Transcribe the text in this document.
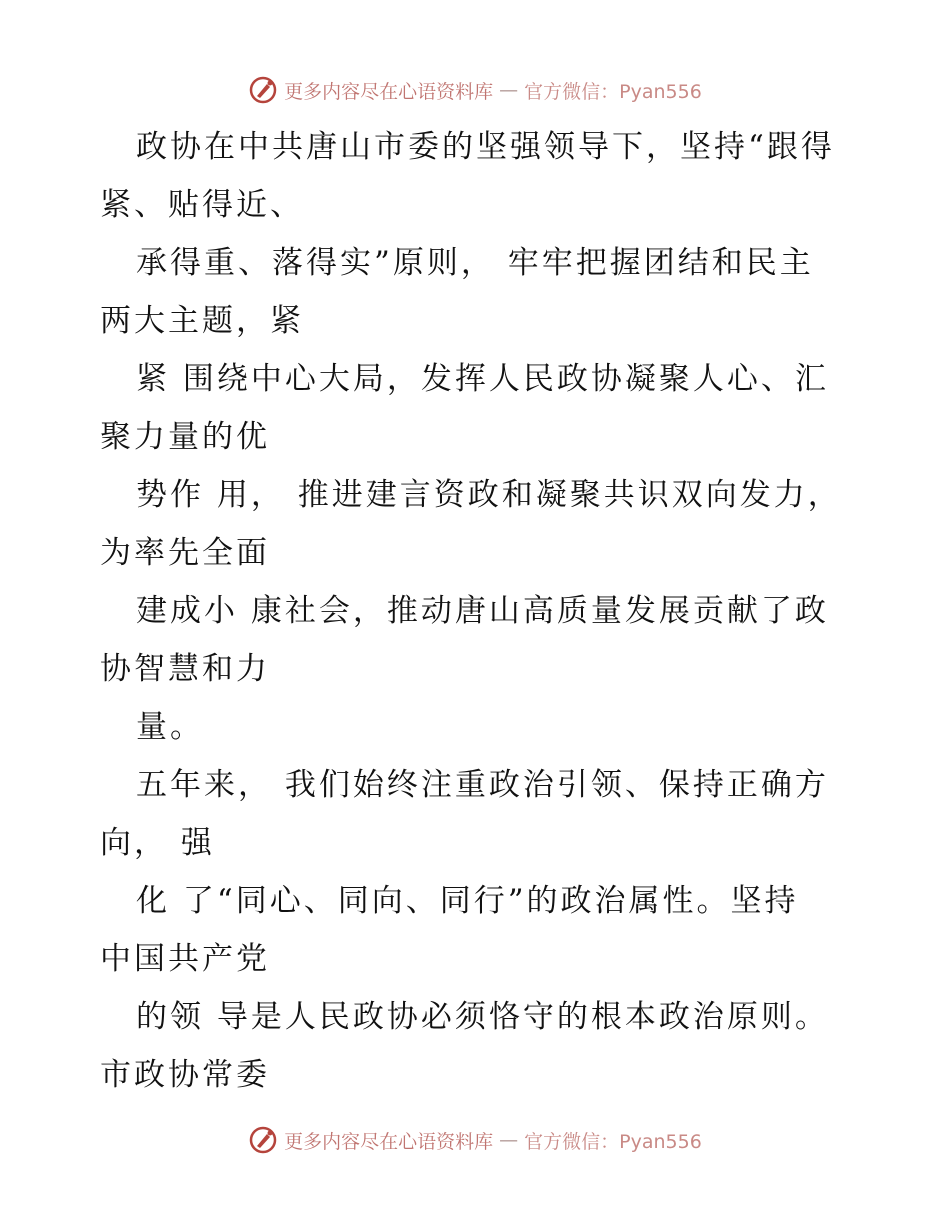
更多内容尽在心语资料库 — 官方微信：Pyan556
政协在中共唐山市委的坚强领导下，坚持“跟得
紧、贴得近、
承得重、落得实”原则， 牢牢把握团结和民主
两大主题，紧
紧 围绕中心大局，发挥人民政协凝聚人心、汇
聚力量的优
势作 用， 推进建言资政和凝聚共识双向发力，
为率先全面
建成小 康社会，推动唐山高质量发展贡献了政
协智慧和力
量。
五年来， 我们始终注重政治引领、保持正确方
向， 强
化 了“同心、同向、同行”的政治属性。坚持
中国共产党
的领 导是人民政协必须恪守的根本政治原则。
市政协常委
更多内容尽在心语资料库 — 官方微信：Pyan556
